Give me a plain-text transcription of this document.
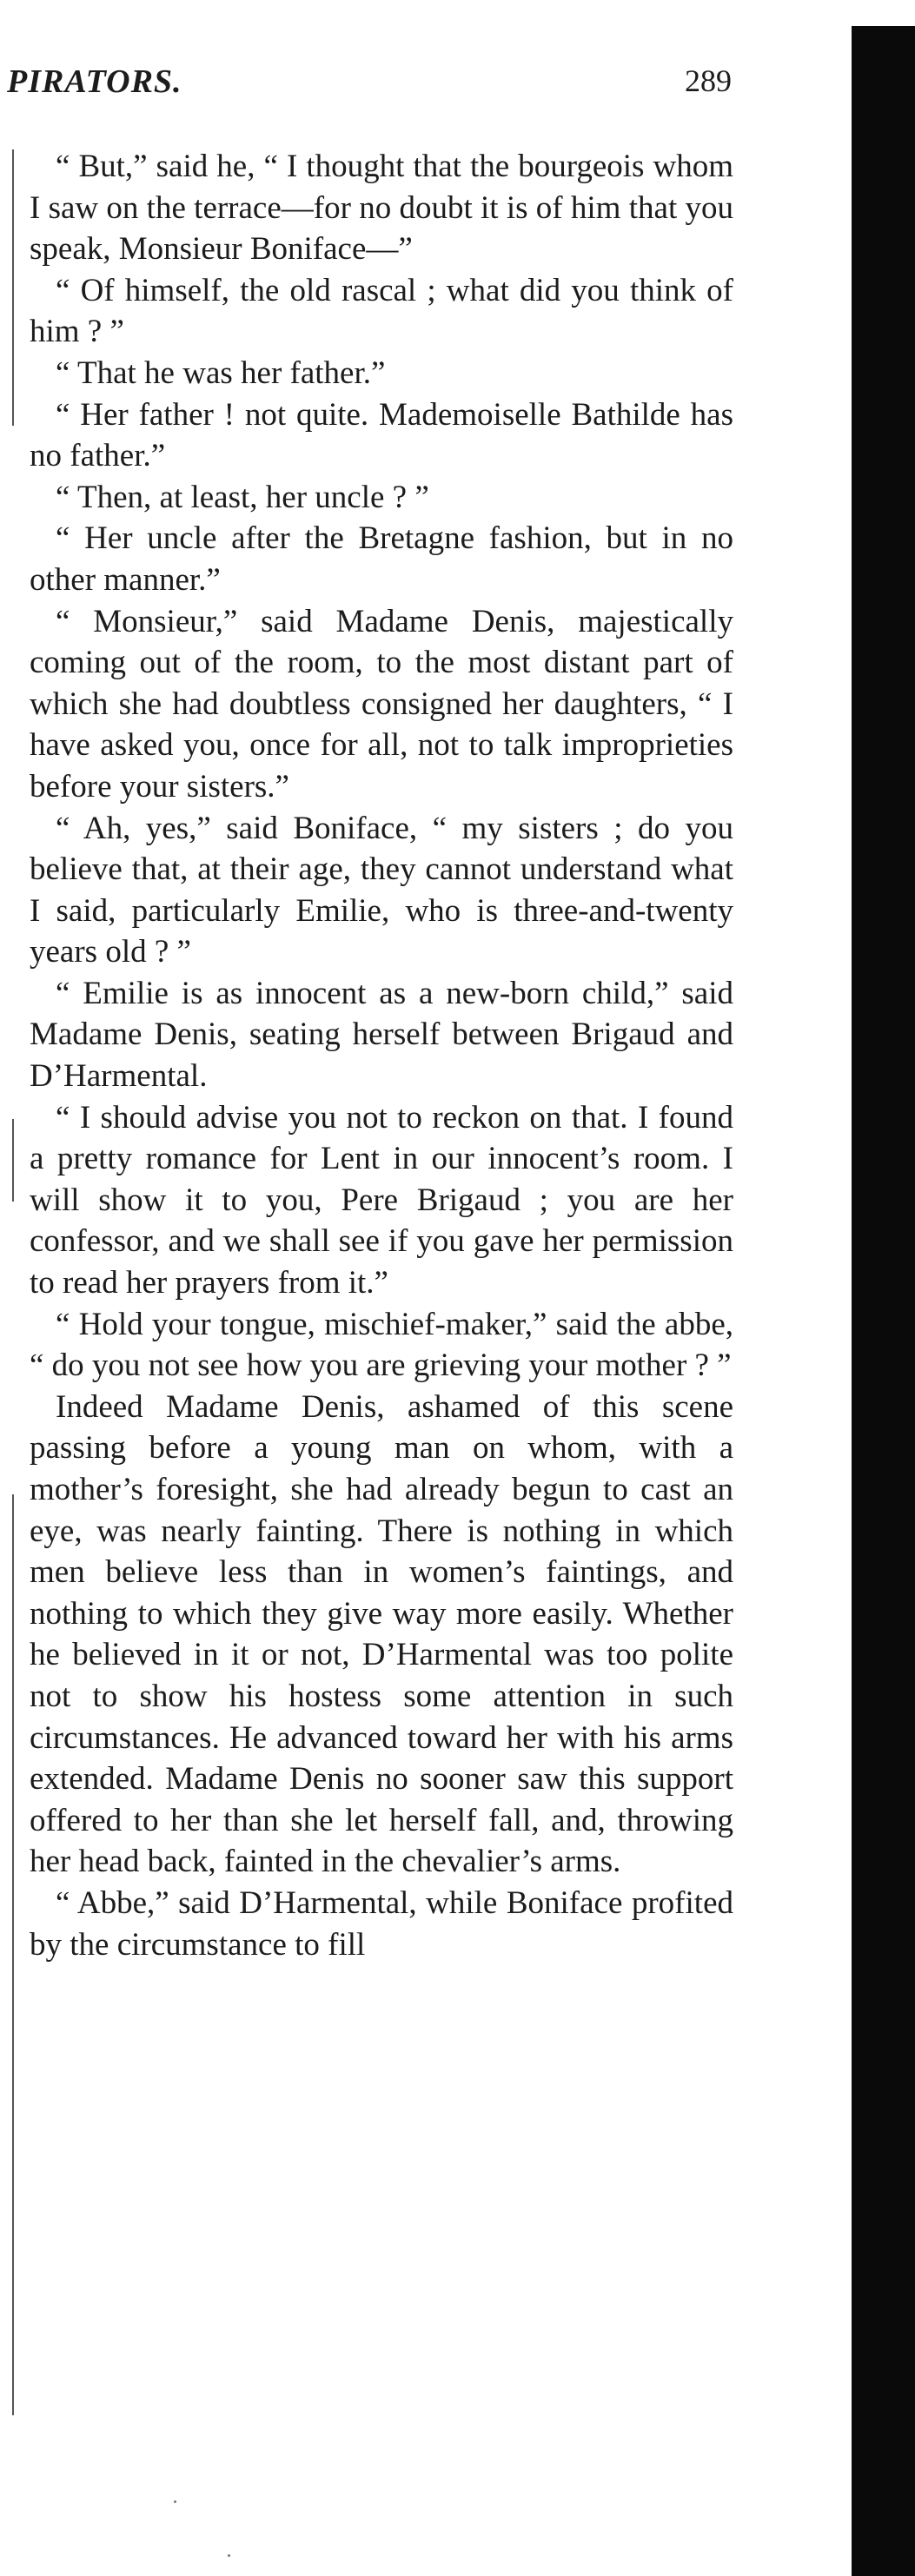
PIRATORS.	289

“ But,” said he, “ I thought that the bourgeois whom I saw on the terrace—for no doubt it is of him that you speak, Monsieur Boniface—”

“ Of himself, the old rascal ; what did you think of him ? ”

“ That he was her father.”

“ Her father ! not quite. Mademoiselle Bathilde has no father.”

“ Then, at least, her uncle ? ”

“ Her uncle after the Bretagne fashion, but in no other manner.”

“ Monsieur,” said Madame Denis, majestically coming out of the room, to the most distant part of which she had doubtless consigned her daughters, “ I have asked you, once for all, not to talk improprieties before your sisters.”

“ Ah, yes,” said Boniface, “ my sisters ; do you believe that, at their age, they cannot understand what I said, particularly Emilie, who is three-and-twenty years old ? ”

“ Emilie is as innocent as a new-born child,” said Madame Denis, seating herself between Brigaud and D’Harmental.

“ I should advise you not to reckon on that. I found a pretty romance for Lent in our innocent’s room. I will show it to you, Pere Brigaud ; you are her confessor, and we shall see if you gave her permission to read her prayers from it.”

“ Hold your tongue, mischief-maker,” said the abbe, “ do you not see how you are grieving your mother ? ”

Indeed Madame Denis, ashamed of this scene passing before a young man on whom, with a mother’s foresight, she had already begun to cast an eye, was nearly fainting. There is nothing in which men believe less than in women’s faintings, and nothing to which they give way more easily. Whether he believed in it or not, D’Harmental was too polite not to show his hostess some attention in such circumstances. He advanced toward her with his arms extended. Madame Denis no sooner saw this support offered to her than she let herself fall, and, throwing her head back, fainted in the chevalier’s arms.

“ Abbe,” said D’Harmental, while Boniface profited by the circumstance to fill
